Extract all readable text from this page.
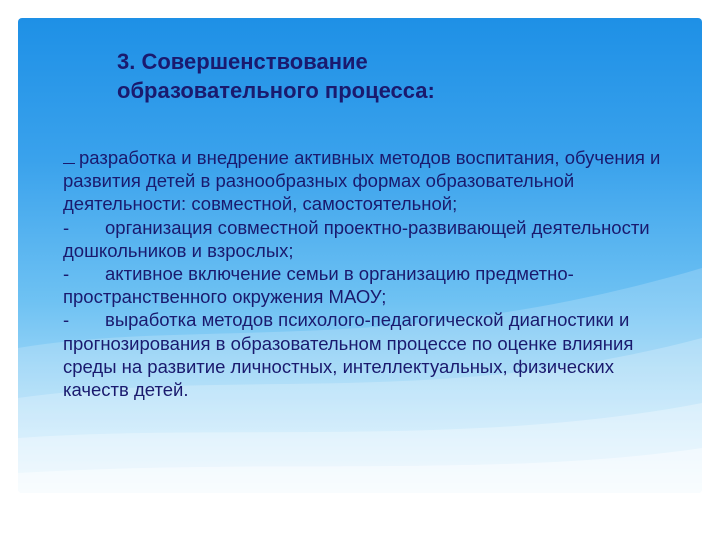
3. Совершенствование
образовательного процесса:

разработка и внедрение активных методов воспитания, обучения и развития детей в разнообразных формах образовательной деятельности: совместной, самостоятельной;

- организация совместной проектно-развивающей деятельности дошкольников и взрослых;

- активное включение семьи в организацию предметно-пространственного окружения МАОУ;

- выработка методов психолого-педагогической диагностики и прогнозирования в образовательном процессе по оценке влияния среды на развитие личностных, интеллектуальных, физических качеств детей.
